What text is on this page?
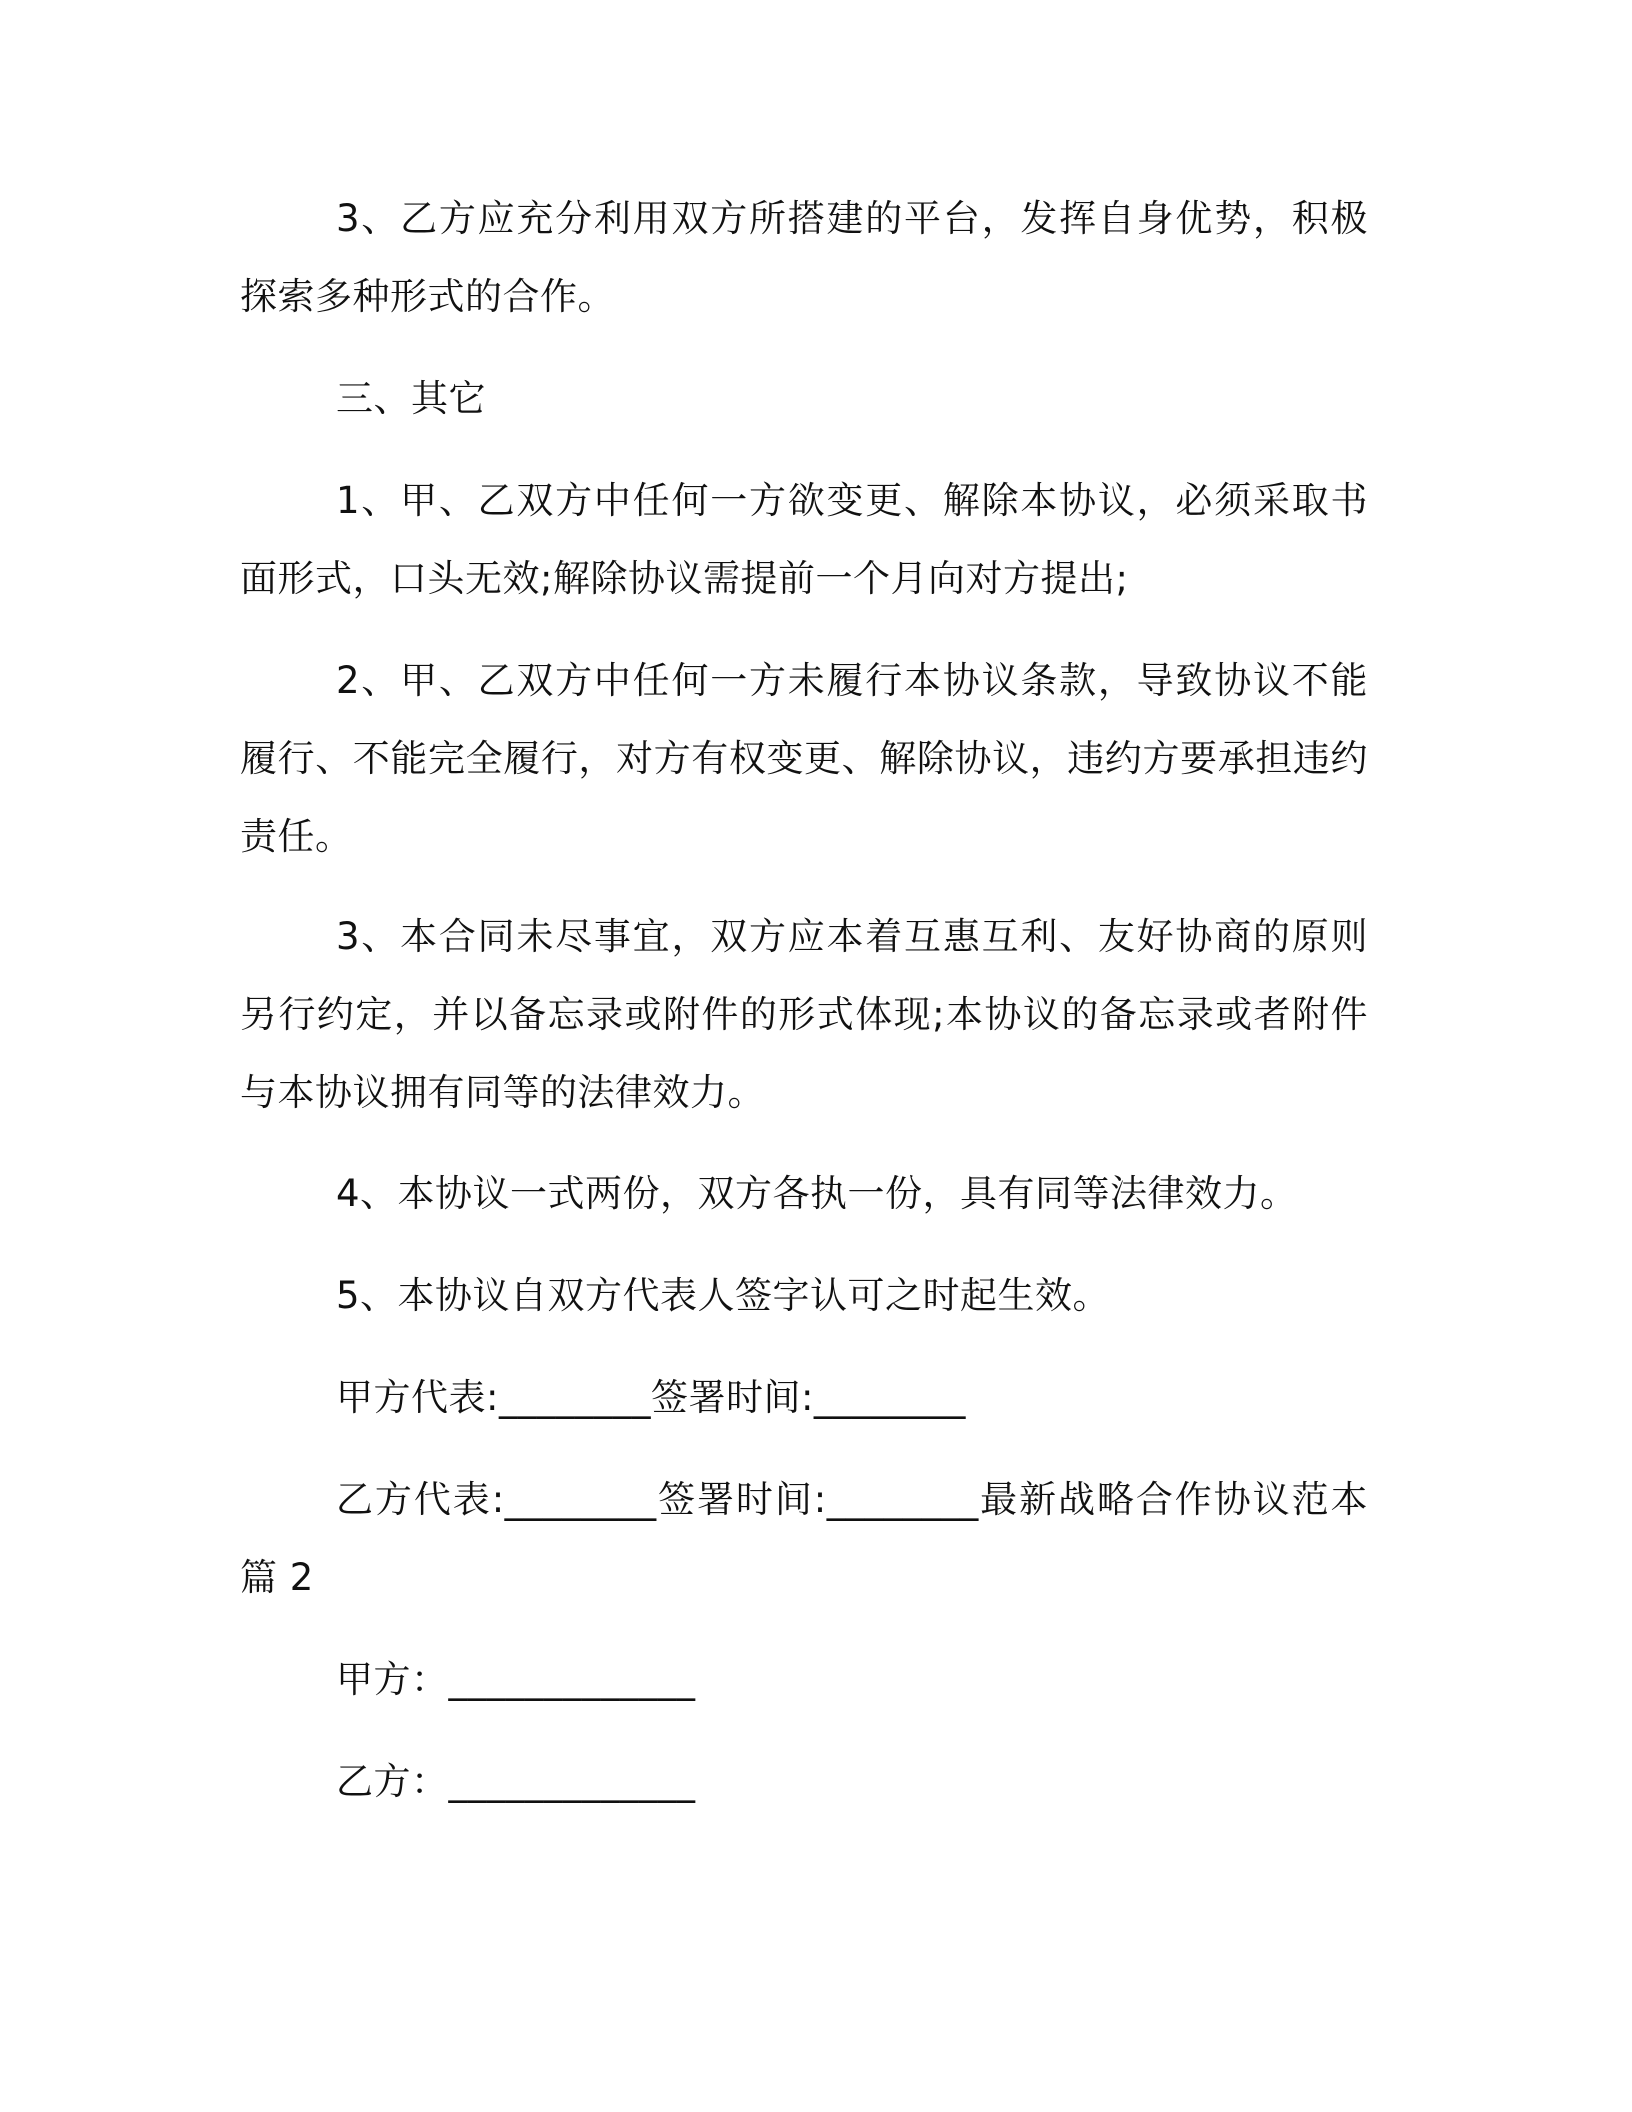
3、乙方应充分利用双方所搭建的平台，发挥自身优势，积极探索多种形式的合作。

三、其它

1、甲、乙双方中任何一方欲变更、解除本协议，必须采取书面形式，口头无效;解除协议需提前一个月向对方提出;

2、甲、乙双方中任何一方未履行本协议条款，导致协议不能履行、不能完全履行，对方有权变更、解除协议，违约方要承担违约责任。

3、本合同未尽事宜，双方应本着互惠互利、友好协商的原则另行约定，并以备忘录或附件的形式体现;本协议的备忘录或者附件与本协议拥有同等的法律效力。

4、本协议一式两份，双方各执一份，具有同等法律效力。

5、本协议自双方代表人签字认可之时起生效。

甲方代表:________签署时间:________

乙方代表:________签署时间:________最新战略合作协议范本篇 2

甲方：_____________

乙方：_____________
